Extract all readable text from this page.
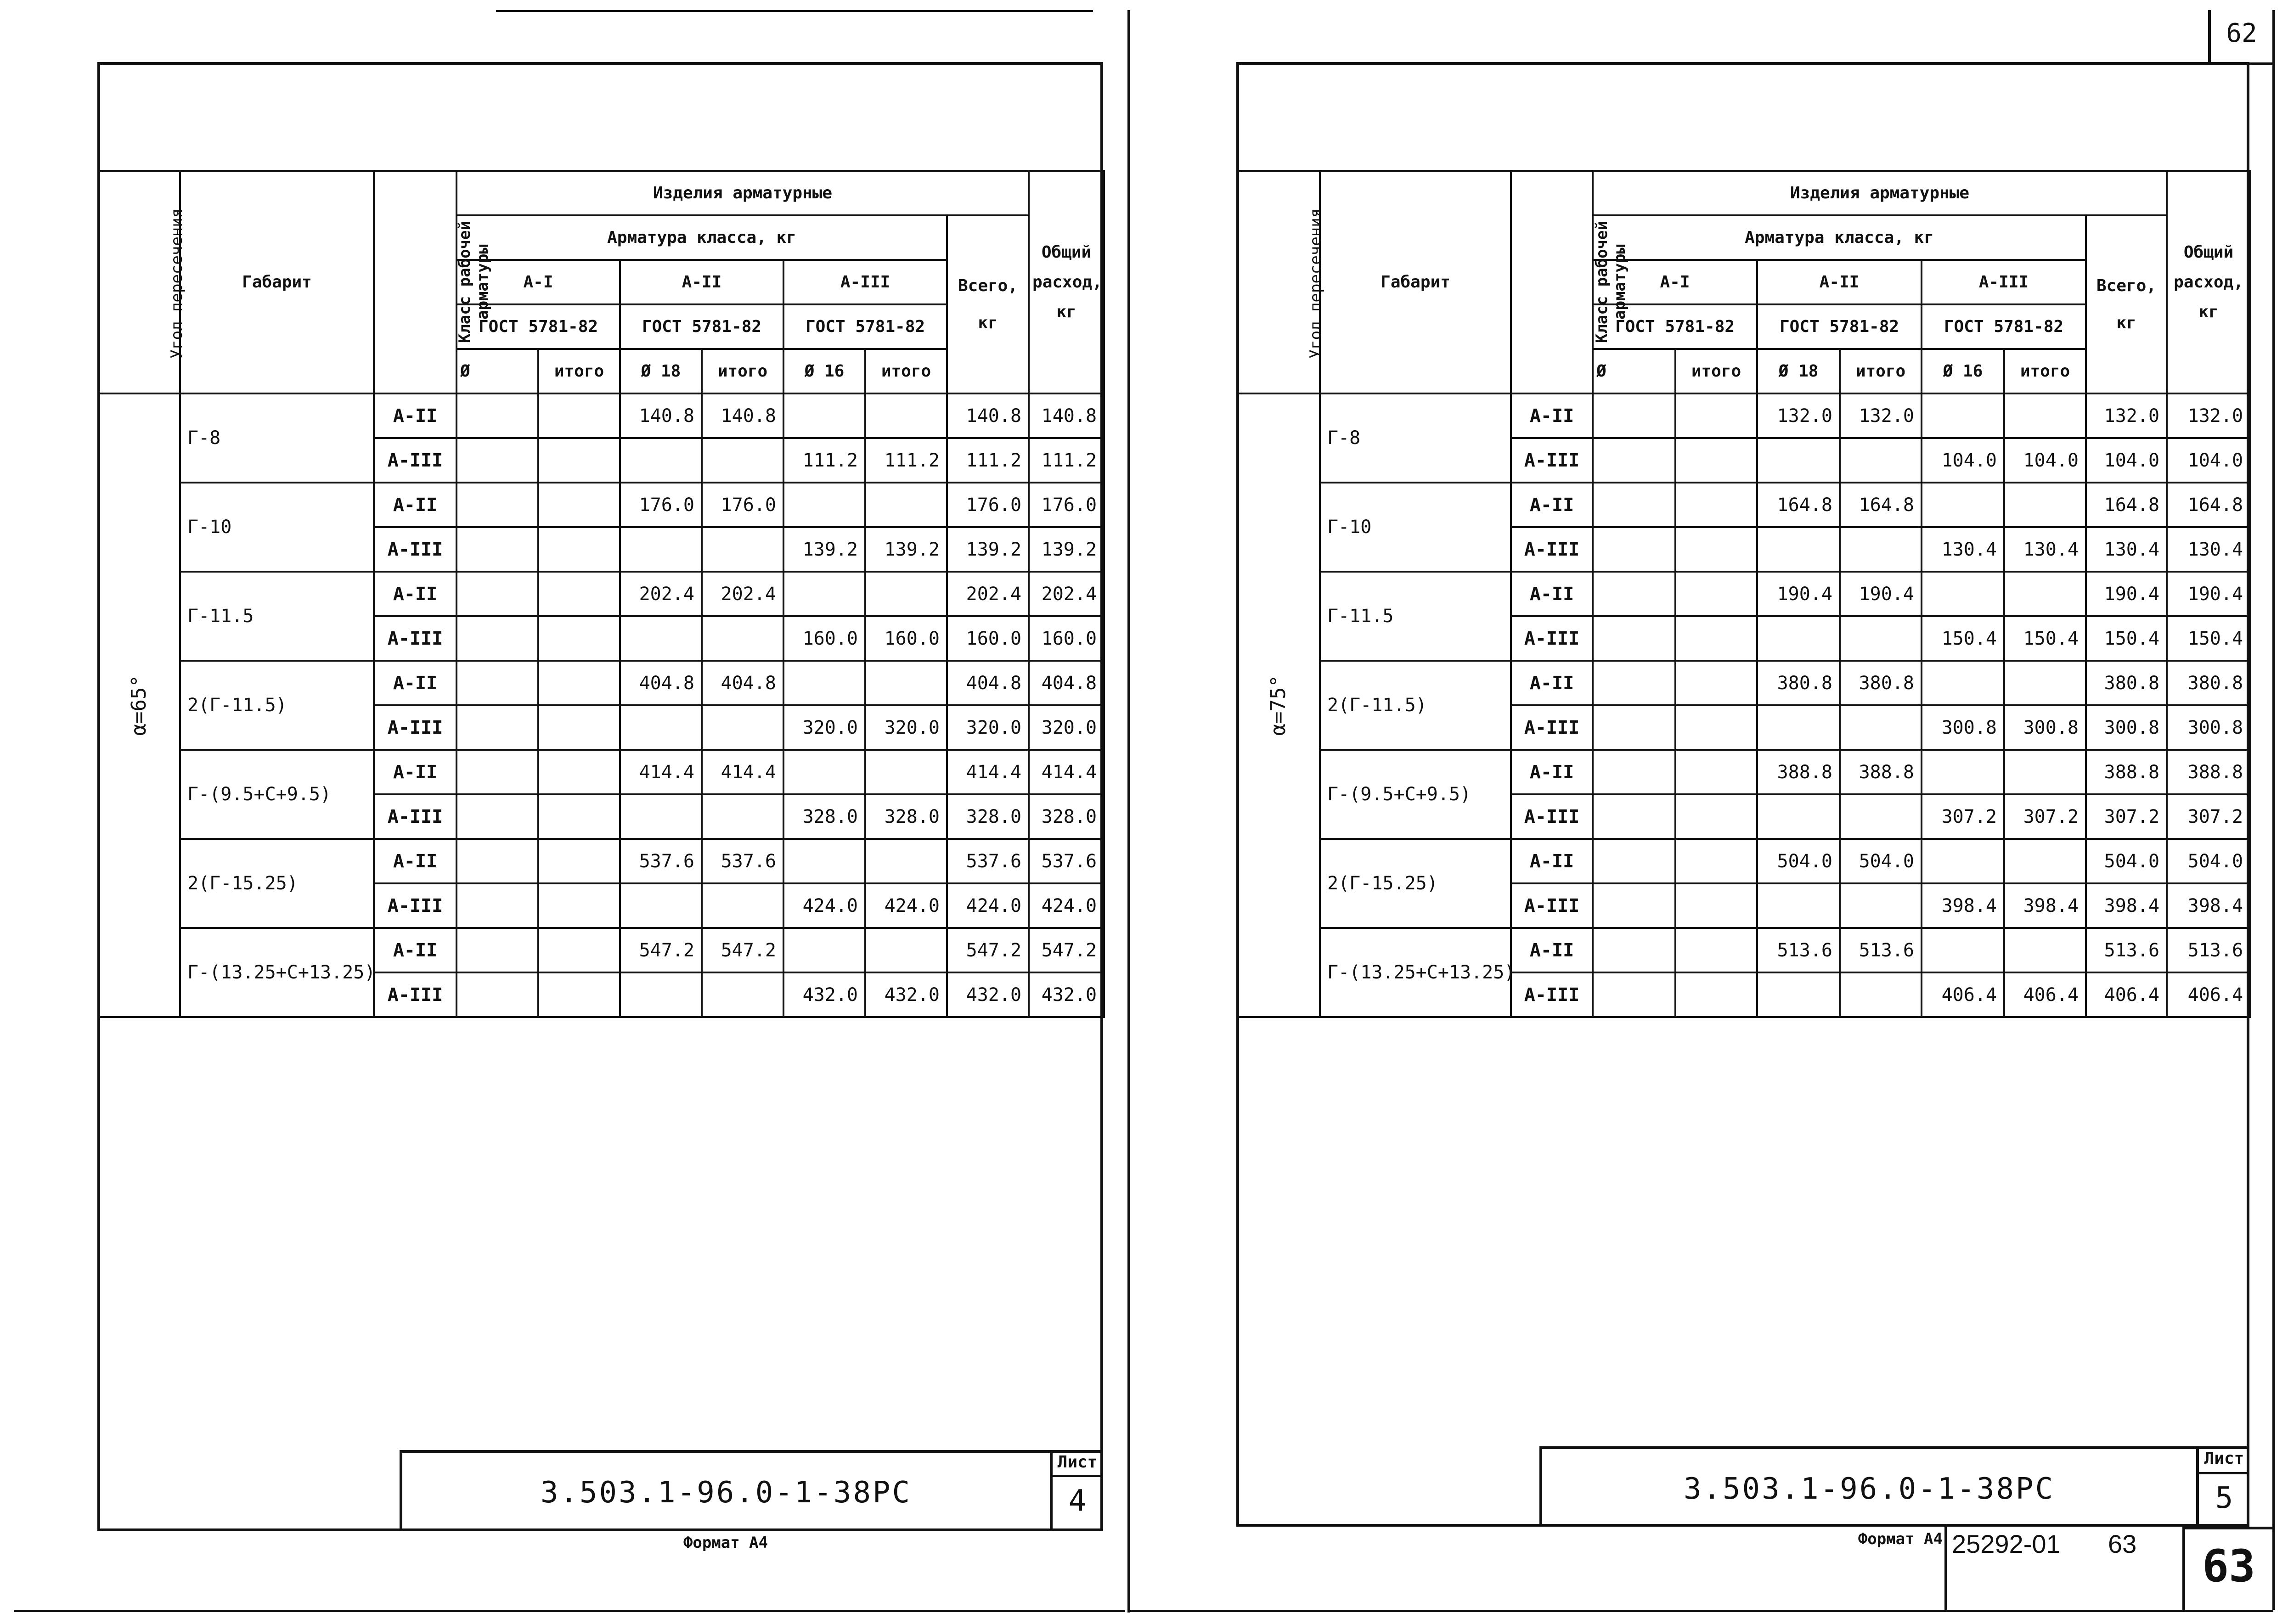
62
Угол пересечения	Габарит	Класс рабочей арматуры	Изделия арматурные							Общий
расход,
кг

			Арматура класса, кг						Всего,
кг	

			А-I		А-II		А-III			
			ГОСТ 5781-82		ГОСТ 5781-82		ГОСТ 5781-82			
			Ø	итого	Ø 18	итого	Ø 16	итого		
α=65°	Г-8	А-II			140.8	140.8			140.8	140.8
		А-III					111.2	111.2	111.2	111.2
	Г-10	А-II			176.0	176.0			176.0	176.0
		А-III					139.2	139.2	139.2	139.2
	Г-11.5	А-II			202.4	202.4			202.4	202.4
		А-III					160.0	160.0	160.0	160.0
	2(Г-11.5)	А-II			404.8	404.8			404.8	404.8
		А-III					320.0	320.0	320.0	320.0
	Г-(9.5+С+9.5)	А-II			414.4	414.4			414.4	414.4
		А-III					328.0	328.0	328.0	328.0
	2(Г-15.25)	А-II			537.6	537.6			537.6	537.6
		А-III					424.0	424.0	424.0	424.0
	Г-(13.25+С+13.25)	А-II			547.2	547.2			547.2	547.2
		А-III					432.0	432.0	432.0	432.0
Лист
4
3.503.1-96.0-1-38РС
Формат А4
Угол пересечения	Габарит	Класс рабочей арматуры	Изделия арматурные							Общий
расход,
кг

			Арматура класса, кг						Всего,
кг	

			А-I		А-II		А-III			
			ГОСТ 5781-82		ГОСТ 5781-82		ГОСТ 5781-82			
			Ø	итого	Ø 18	итого	Ø 16	итого		
α=75°	Г-8	А-II			132.0	132.0			132.0	132.0
		А-III					104.0	104.0	104.0	104.0
	Г-10	А-II			164.8	164.8			164.8	164.8
		А-III					130.4	130.4	130.4	130.4
	Г-11.5	А-II			190.4	190.4			190.4	190.4
		А-III					150.4	150.4	150.4	150.4
	2(Г-11.5)	А-II			380.8	380.8			380.8	380.8
		А-III					300.8	300.8	300.8	300.8
	Г-(9.5+С+9.5)	А-II			388.8	388.8			388.8	388.8
		А-III					307.2	307.2	307.2	307.2
	2(Г-15.25)	А-II			504.0	504.0			504.0	504.0
		А-III					398.4	398.4	398.4	398.4
	Г-(13.25+С+13.25)	А-II			513.6	513.6			513.6	513.6
		А-III					406.4	406.4	406.4	406.4
Лист
5
3.503.1-96.0-1-38РС
Формат А4 25292-01	63	63
